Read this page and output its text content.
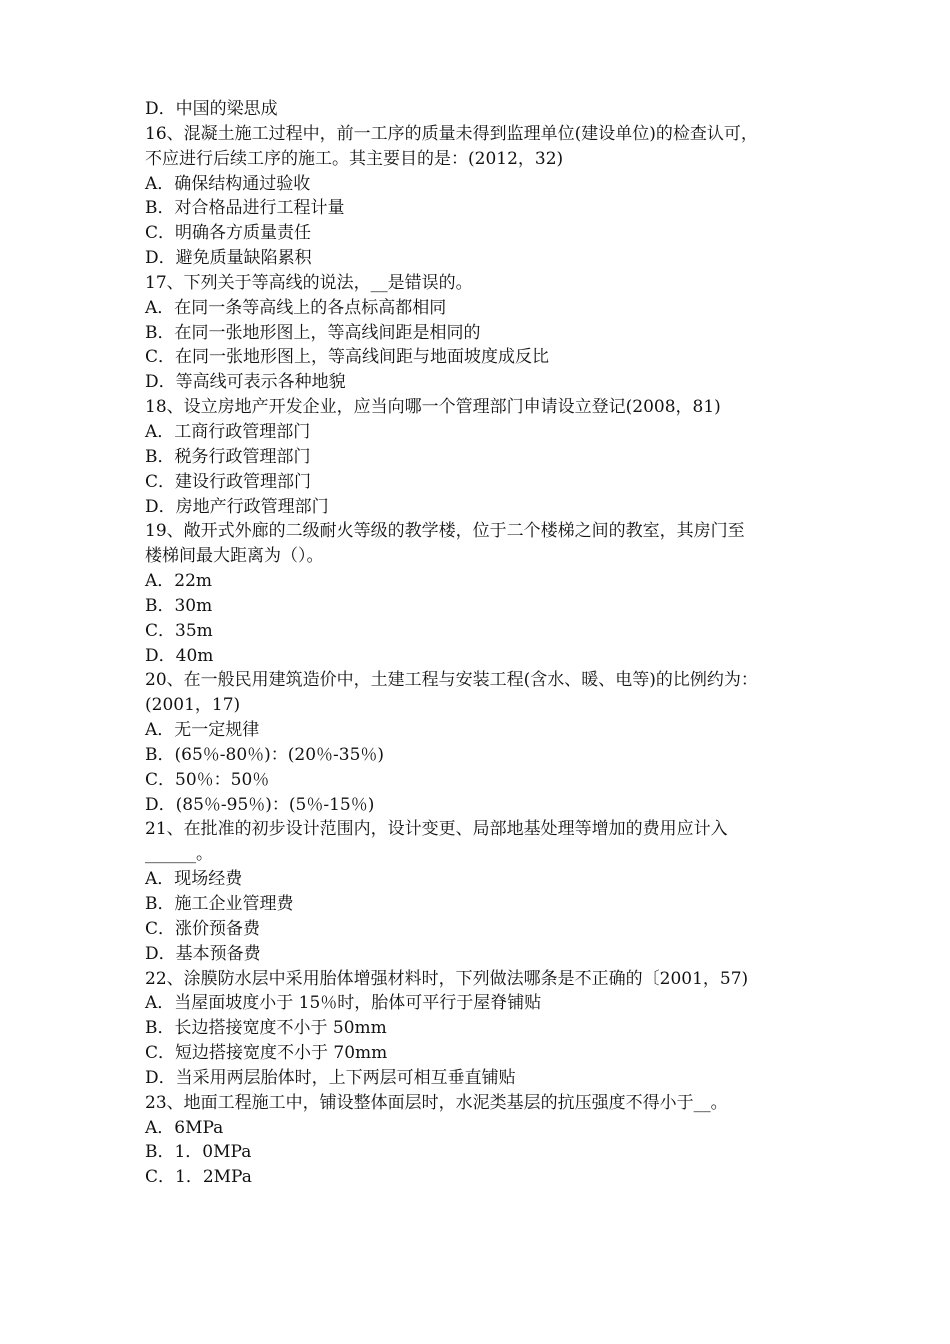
D．中国的梁思成
16、混凝土施工过程中，前一工序的质量未得到监理单位(建设单位)的检查认可，
不应进行后续工序的施工。其主要目的是：(2012，32)
A．确保结构通过验收
B．对合格品进行工程计量
C．明确各方质量责任
D．避免质量缺陷累积
17、下列关于等高线的说法，__是错误的。
A．在同一条等高线上的各点标高都相同
B．在同一张地形图上，等高线间距是相同的
C．在同一张地形图上，等高线间距与地面坡度成反比
D．等高线可表示各种地貌
18、设立房地产开发企业，应当向哪一个管理部门申请设立登记(2008，81)
A．工商行政管理部门
B．税务行政管理部门
C．建设行政管理部门
D．房地产行政管理部门
19、敞开式外廊的二级耐火等级的教学楼，位于二个楼梯之间的教室，其房门至
楼梯间最大距离为（）。
A．22m
B．30m
C．35m
D．40m
20、在一般民用建筑造价中，土建工程与安装工程(含水、暖、电等)的比例约为：
(2001，17)
A．无一定规律
B．(65％-80％)：(20％-35％)
C．50％：50％
D．(85％-95％)：(5％-15％)
21、在批准的初步设计范围内，设计变更、局部地基处理等增加的费用应计入
______。
A．现场经费
B．施工企业管理费
C．涨价预备费
D．基本预备费
22、涂膜防水层中采用胎体增强材料时，下列做法哪条是不正确的〔2001，57)
A．当屋面坡度小于 15％时，胎体可平行于屋脊铺贴
B．长边搭接宽度不小于 50mm
C．短边搭接宽度不小于 70mm
D．当采用两层胎体时，上下两层可相互垂直铺贴
23、地面工程施工中，铺设整体面层时，水泥类基层的抗压强度不得小于__。
A．6MPa
B．1．0MPa
C．1．2MPa
